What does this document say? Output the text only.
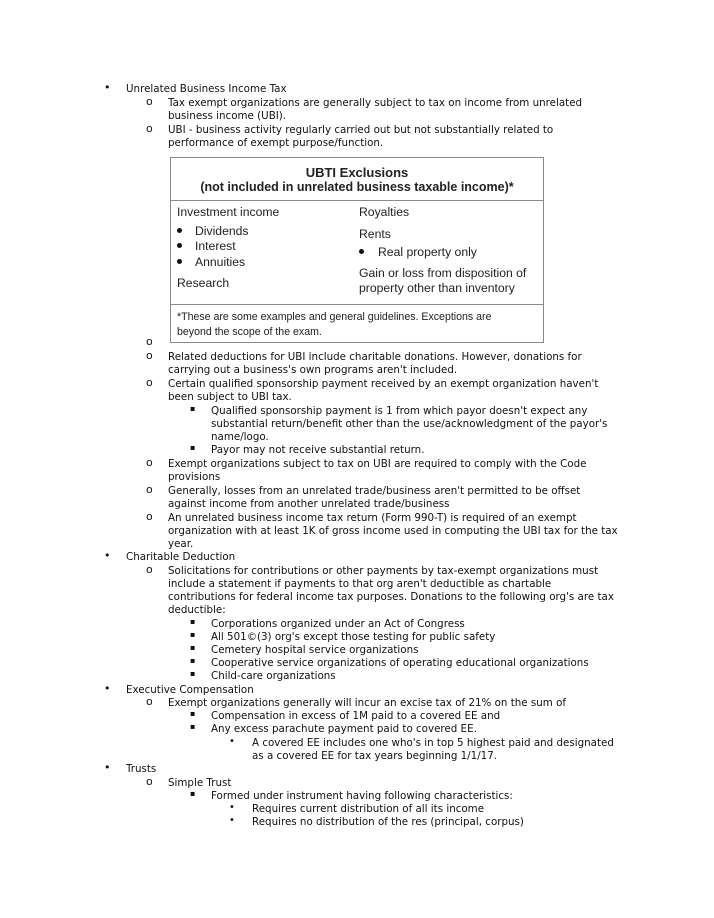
• Unrelated Business Income Tax
o Tax exempt organizations are generally subject to tax on income from unrelated
business income (UBI).
o UBI - business activity regularly carried out but not substantially related to
performance of exempt purpose/function.
UBTI Exclusions
(not included in unrelated business taxable income)*
Investment income
Dividends
Interest
Annuities
Research
Royalties
Rents
Real property only
Gain or loss from disposition of
property other than inventory
*These are some examples and general guidelines. Exceptions are
beyond the scope of the exam.
o
o Related deductions for UBI include charitable donations. However, donations for
carrying out a business's own programs aren't included.
o Certain qualified sponsorship payment received by an exempt organization haven't
been subject to UBI tax.
▪ Qualified sponsorship payment is 1 from which payor doesn't expect any
substantial return/benefit other than the use/acknowledgment of the payor's
name/logo.
▪ Payor may not receive substantial return.
o Exempt organizations subject to tax on UBI are required to comply with the Code
provisions
o Generally, losses from an unrelated trade/business aren't permitted to be offset
against income from another unrelated trade/business
o An unrelated business income tax return (Form 990-T) is required of an exempt
organization with at least 1K of gross income used in computing the UBI tax for the tax
year.
• Charitable Deduction
o Solicitations for contributions or other payments by tax-exempt organizations must
include a statement if payments to that org aren't deductible as chartable
contributions for federal income tax purposes. Donations to the following org's are tax
deductible:
▪ Corporations organized under an Act of Congress
▪ All 501©(3) org's except those testing for public safety
▪ Cemetery hospital service organizations
▪ Cooperative service organizations of operating educational organizations
▪ Child-care organizations
• Executive Compensation
o Exempt organizations generally will incur an excise tax of 21% on the sum of
▪ Compensation in excess of 1M paid to a covered EE and
▪ Any excess parachute payment paid to covered EE.
• A covered EE includes one who's in top 5 highest paid and designated
as a covered EE for tax years beginning 1/1/17.
• Trusts
o Simple Trust
▪ Formed under instrument having following characteristics:
• Requires current distribution of all its income
• Requires no distribution of the res (principal, corpus)
